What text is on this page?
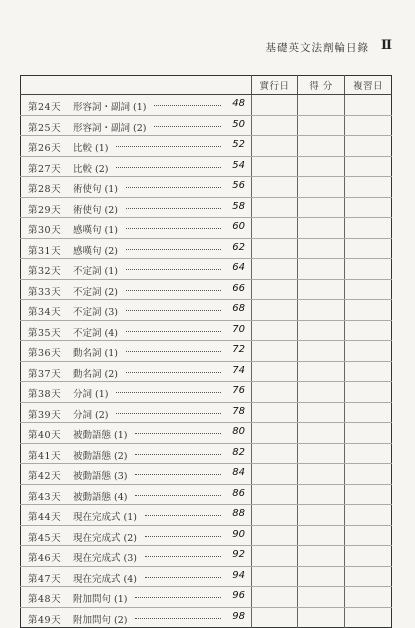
基礎英文法劑輪日錄 Ⅱ
	實行日	得 分	複習日

第24天 形容詞・副詞 (1) 48			

第25天 形容詞・副詞 (2) 50			

第26天 比較 (1) 52			

第27天 比較 (2) 54			

第28天 術使句 (1) 56			

第29天 術使句 (2) 58			

第30天 感嘆句 (1) 60			

第31天 感嘆句 (2) 62			

第32天 不定詞 (1) 64			

第33天 不定詞 (2) 66			

第34天 不定詞 (3) 68			

第35天 不定詞 (4) 70			

第36天 動名詞 (1) 72			

第37天 動名詞 (2) 74			

第38天 分詞 (1) 76			

第39天 分詞 (2) 78			

第40天 被動語態 (1) 80			

第41天 被動語態 (2) 82			

第42天 被動語態 (3) 84			

第43天 被動語態 (4) 86			

第44天 現在完成式 (1) 88			

第45天 現在完成式 (2) 90			

第46天 現在完成式 (3) 92			

第47天 現在完成式 (4) 94			

第48天 附加問句 (1) 96			

第49天 附加問句 (2) 98			
